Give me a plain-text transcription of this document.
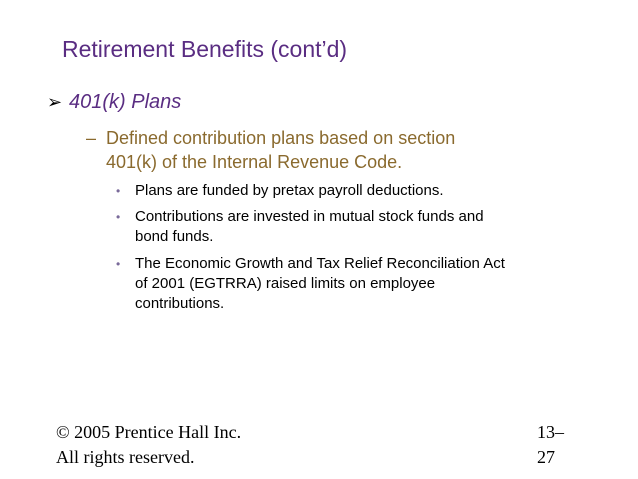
Retirement Benefits (cont’d)
➢ 401(k) Plans
– Defined contribution plans based on section
401(k) of the Internal Revenue Code.
• Plans are funded by pretax payroll deductions.
• Contributions are invested in mutual stock funds and
bond funds.
• The Economic Growth and Tax Relief Reconciliation Act
of 2001 (EGTRRA) raised limits on employee
contributions.
© 2005 Prentice Hall Inc.
All rights reserved.
13–
27
